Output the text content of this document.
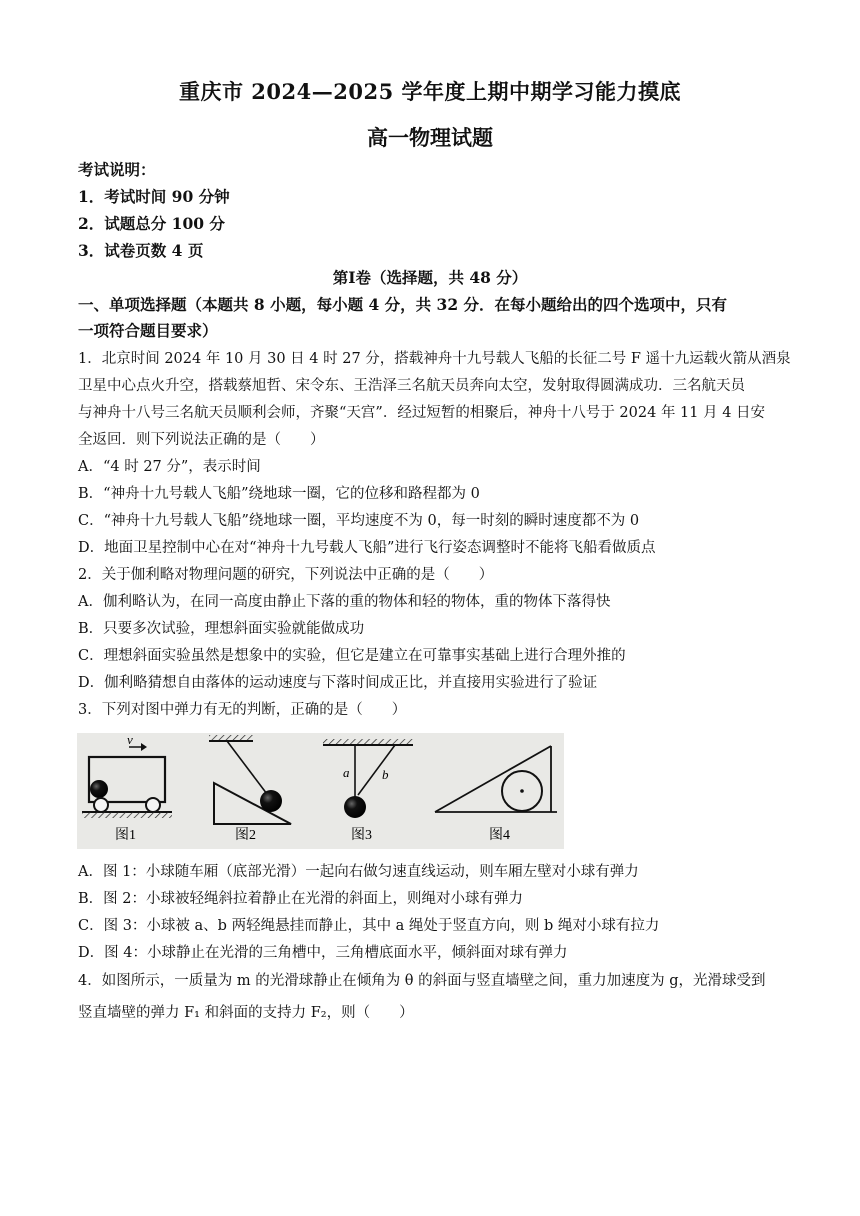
重庆市 2024—2025 学年度上期中期学习能力摸底
高一物理试题
考试说明：
1．考试时间 90 分钟
2．试题总分 100 分
3．试卷页数 4 页
第Ⅰ卷（选择题，共 48 分）
一、单项选择题（本题共 8 小题，每小题 4 分，共 32 分．在每小题给出的四个选项中，只有
一项符合题目要求）
1．北京时间 2024 年 10 月 30 日 4 时 27 分，搭载神舟十九号载人飞船的长征二号 F 遥十九运载火箭从酒泉
卫星中心点火升空，搭载蔡旭哲、宋令东、王浩泽三名航天员奔向太空，发射取得圆满成功．三名航天员
与神舟十八号三名航天员顺利会师，齐聚“天宫”．经过短暂的相聚后，神舟十八号于 2024 年 11 月 4 日安
全返回．则下列说法正确的是（　　）
A．“4 时 27 分”，表示时间
B．“神舟十九号载人飞船”绕地球一圈，它的位移和路程都为 0
C．“神舟十九号载人飞船”绕地球一圈，平均速度不为 0，每一时刻的瞬时速度都不为 0
D．地面卫星控制中心在对“神舟十九号载人飞船”进行飞行姿态调整时不能将飞船看做质点
2．关于伽利略对物理问题的研究，下列说法中正确的是（　　）
A．伽利略认为，在同一高度由静止下落的重的物体和轻的物体，重的物体下落得快
B．只要多次试验，理想斜面实验就能做成功
C．理想斜面实验虽然是想象中的实验，但它是建立在可靠事实基础上进行合理外推的
D．伽利略猜想自由落体的运动速度与下落时间成正比，并直接用实验进行了验证
3．下列对图中弹力有无的判断，正确的是（　　）
v
图1	图2
a	b
图3	图4
A．图 1：小球随车厢（底部光滑）一起向右做匀速直线运动，则车厢左壁对小球有弹力
B．图 2：小球被轻绳斜拉着静止在光滑的斜面上，则绳对小球有弹力
C．图 3：小球被 a、b 两轻绳悬挂而静止，其中 a 绳处于竖直方向，则 b 绳对小球有拉力
D．图 4：小球静止在光滑的三角槽中，三角槽底面水平，倾斜面对球有弹力
4．如图所示，一质量为 m 的光滑球静止在倾角为 θ 的斜面与竖直墙壁之间，重力加速度为 g，光滑球受到
竖直墙壁的弹力 F₁ 和斜面的支持力 F₂，则（　　）
